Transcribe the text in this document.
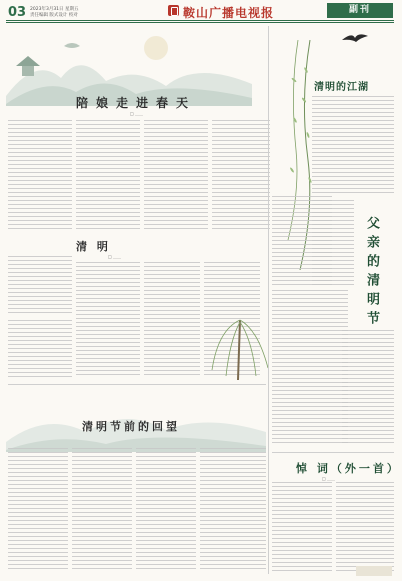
03 2023年3月31日 星期五
责任编辑 版式设计 校对	鞍山广播电视报	副刊
陪娘走进春天
□ ＿＿
清 明
□ ＿＿
清明的江湖
父亲的清明节
清明节前的回望
悼 词（外一首）
□ ＿＿
